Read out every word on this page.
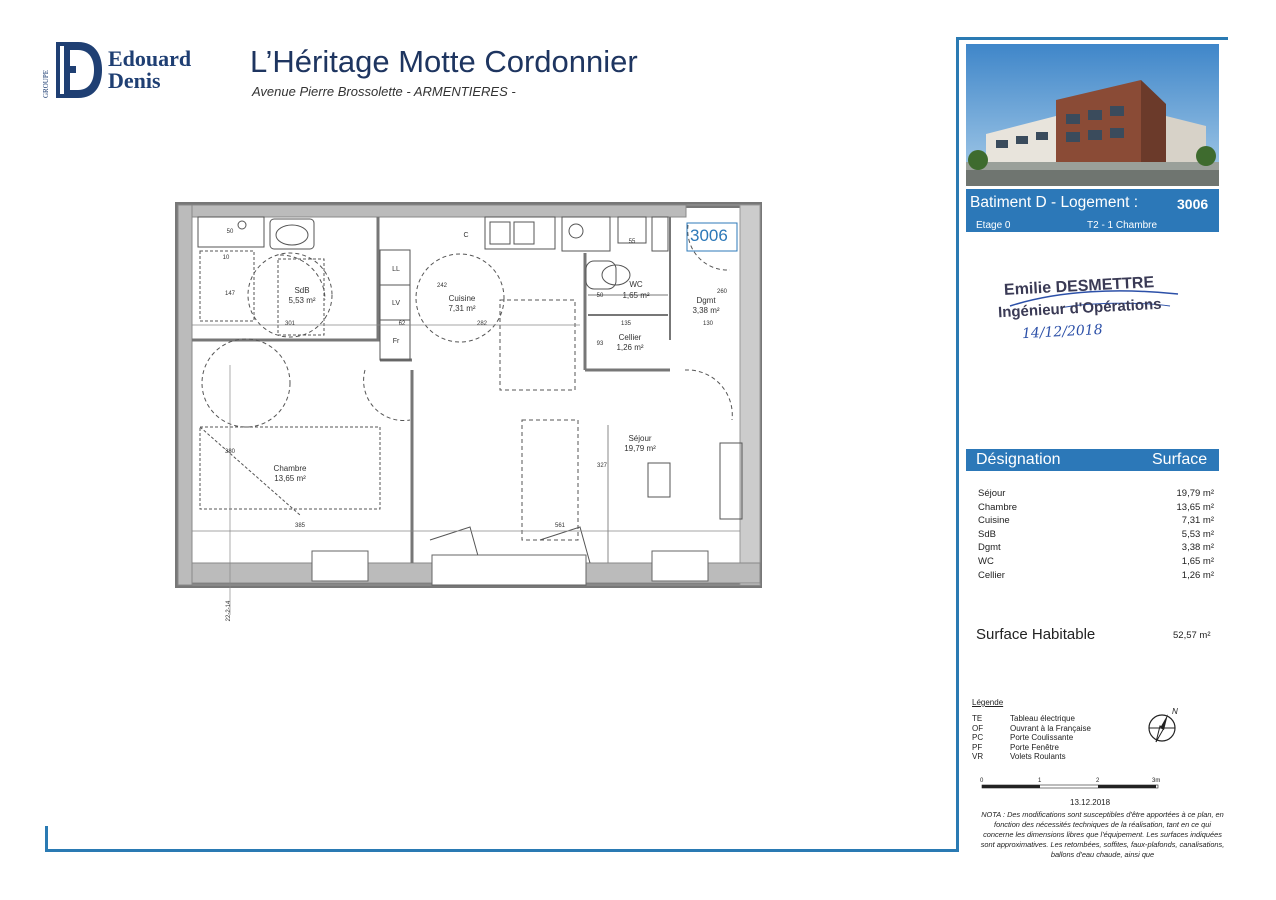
GROUPE
Edouard
Denis
L’Héritage Motte Cordonnier
Avenue Pierre Brossolette - ARMENTIERES -
SdB
5,53 m²	Cuisine
7,31 m²
WC
1,65 m²
Dgmt
3,38 m²
Cellier
1,26 m²
Chambre
13,65 m²
Séjour
19,79 m²
C
LL
LV
Fr
50
147
301
242
62	282
55
135
93
130
260
50
380
385	561
327
10
22-2-14
3006
Batiment D - Logement :	3006
Etage 0	T2 - 1 Chambre
Emilie DESMETTRE
Ingénieur d'Opérations
14/12/2018
Désignation	Surface
Séjour	19,79 m²
Chambre	13,65 m²
Cuisine	7,31 m²
SdB	5,53 m²
Dgmt	3,38 m²
WC	1,65 m²
Cellier	1,26 m²
Surface Habitable	52,57 m²
Légende
TE	Tableau électrique
OF	Ouvrant à la Française
PC	Porte Coulissante
PF	Porte Fenêtre
VR	Volets Roulants
N
0	1	2	3m
13.12.2018
NOTA : Des modifications sont susceptibles d'être apportées à ce plan, en fonction des nécessités techniques de la réalisation, tant en ce qui concerne les dimensions libres que l'équipement. Les surfaces indiquées sont approximatives. Les retombées, soffites, faux-plafonds, canalisations, ballons d'eau chaude, ainsi que
